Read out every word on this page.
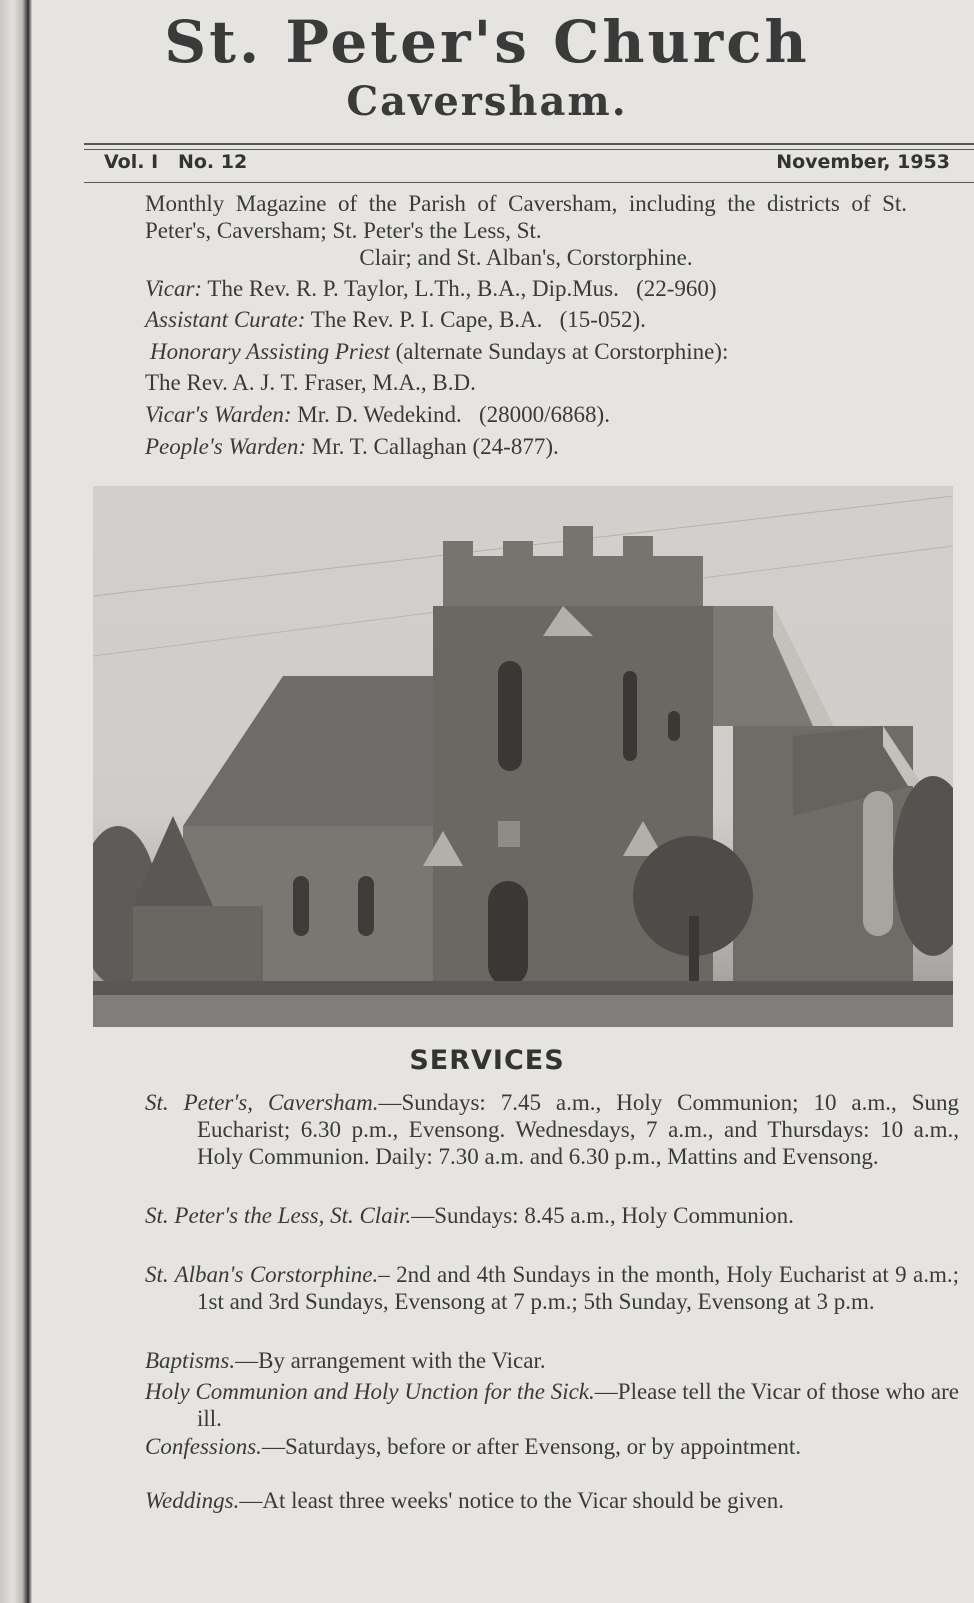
St. Peter's Church
Caversham.
Vol. I   No. 12	November, 1953
Monthly Magazine of the Parish of Caversham, including the districts of St. Peter's, Caversham; St. Peter's the Less, St.
Clair; and St. Alban's, Corstorphine.
Vicar: The Rev. R. P. Taylor, L.Th., B.A., Dip.Mus.   (22-960)
Assistant Curate: The Rev. P. I. Cape, B.A.   (15-052).
Honorary Assisting Priest (alternate Sundays at Corstorphine):
The Rev. A. J. T. Fraser, M.A., B.D.
Vicar's Warden: Mr. D. Wedekind.   (28000/6868).
People's Warden: Mr. T. Callaghan (24-877).
SERVICES
St. Peter's, Caversham.—Sundays: 7.45 a.m., Holy Communion; 10 a.m., Sung Eucharist; 6.30 p.m., Evensong. Wednesdays, 7 a.m., and Thursdays: 10 a.m., Holy Communion. Daily: 7.30 a.m. and 6.30 p.m., Mattins and Evensong.
St. Peter's the Less, St. Clair.—Sundays: 8.45 a.m., Holy Communion.
St. Alban's Corstorphine.– 2nd and 4th Sundays in the month, Holy Eucharist at 9 a.m.; 1st and 3rd Sundays, Evensong at 7 p.m.; 5th Sunday, Evensong at 3 p.m.
Baptisms.—By arrangement with the Vicar.
Holy Communion and Holy Unction for the Sick.—Please tell the Vicar of those who are ill.
Confessions.—Saturdays, before or after Evensong, or by appointment.
Weddings.—At least three weeks' notice to the Vicar should be given.
